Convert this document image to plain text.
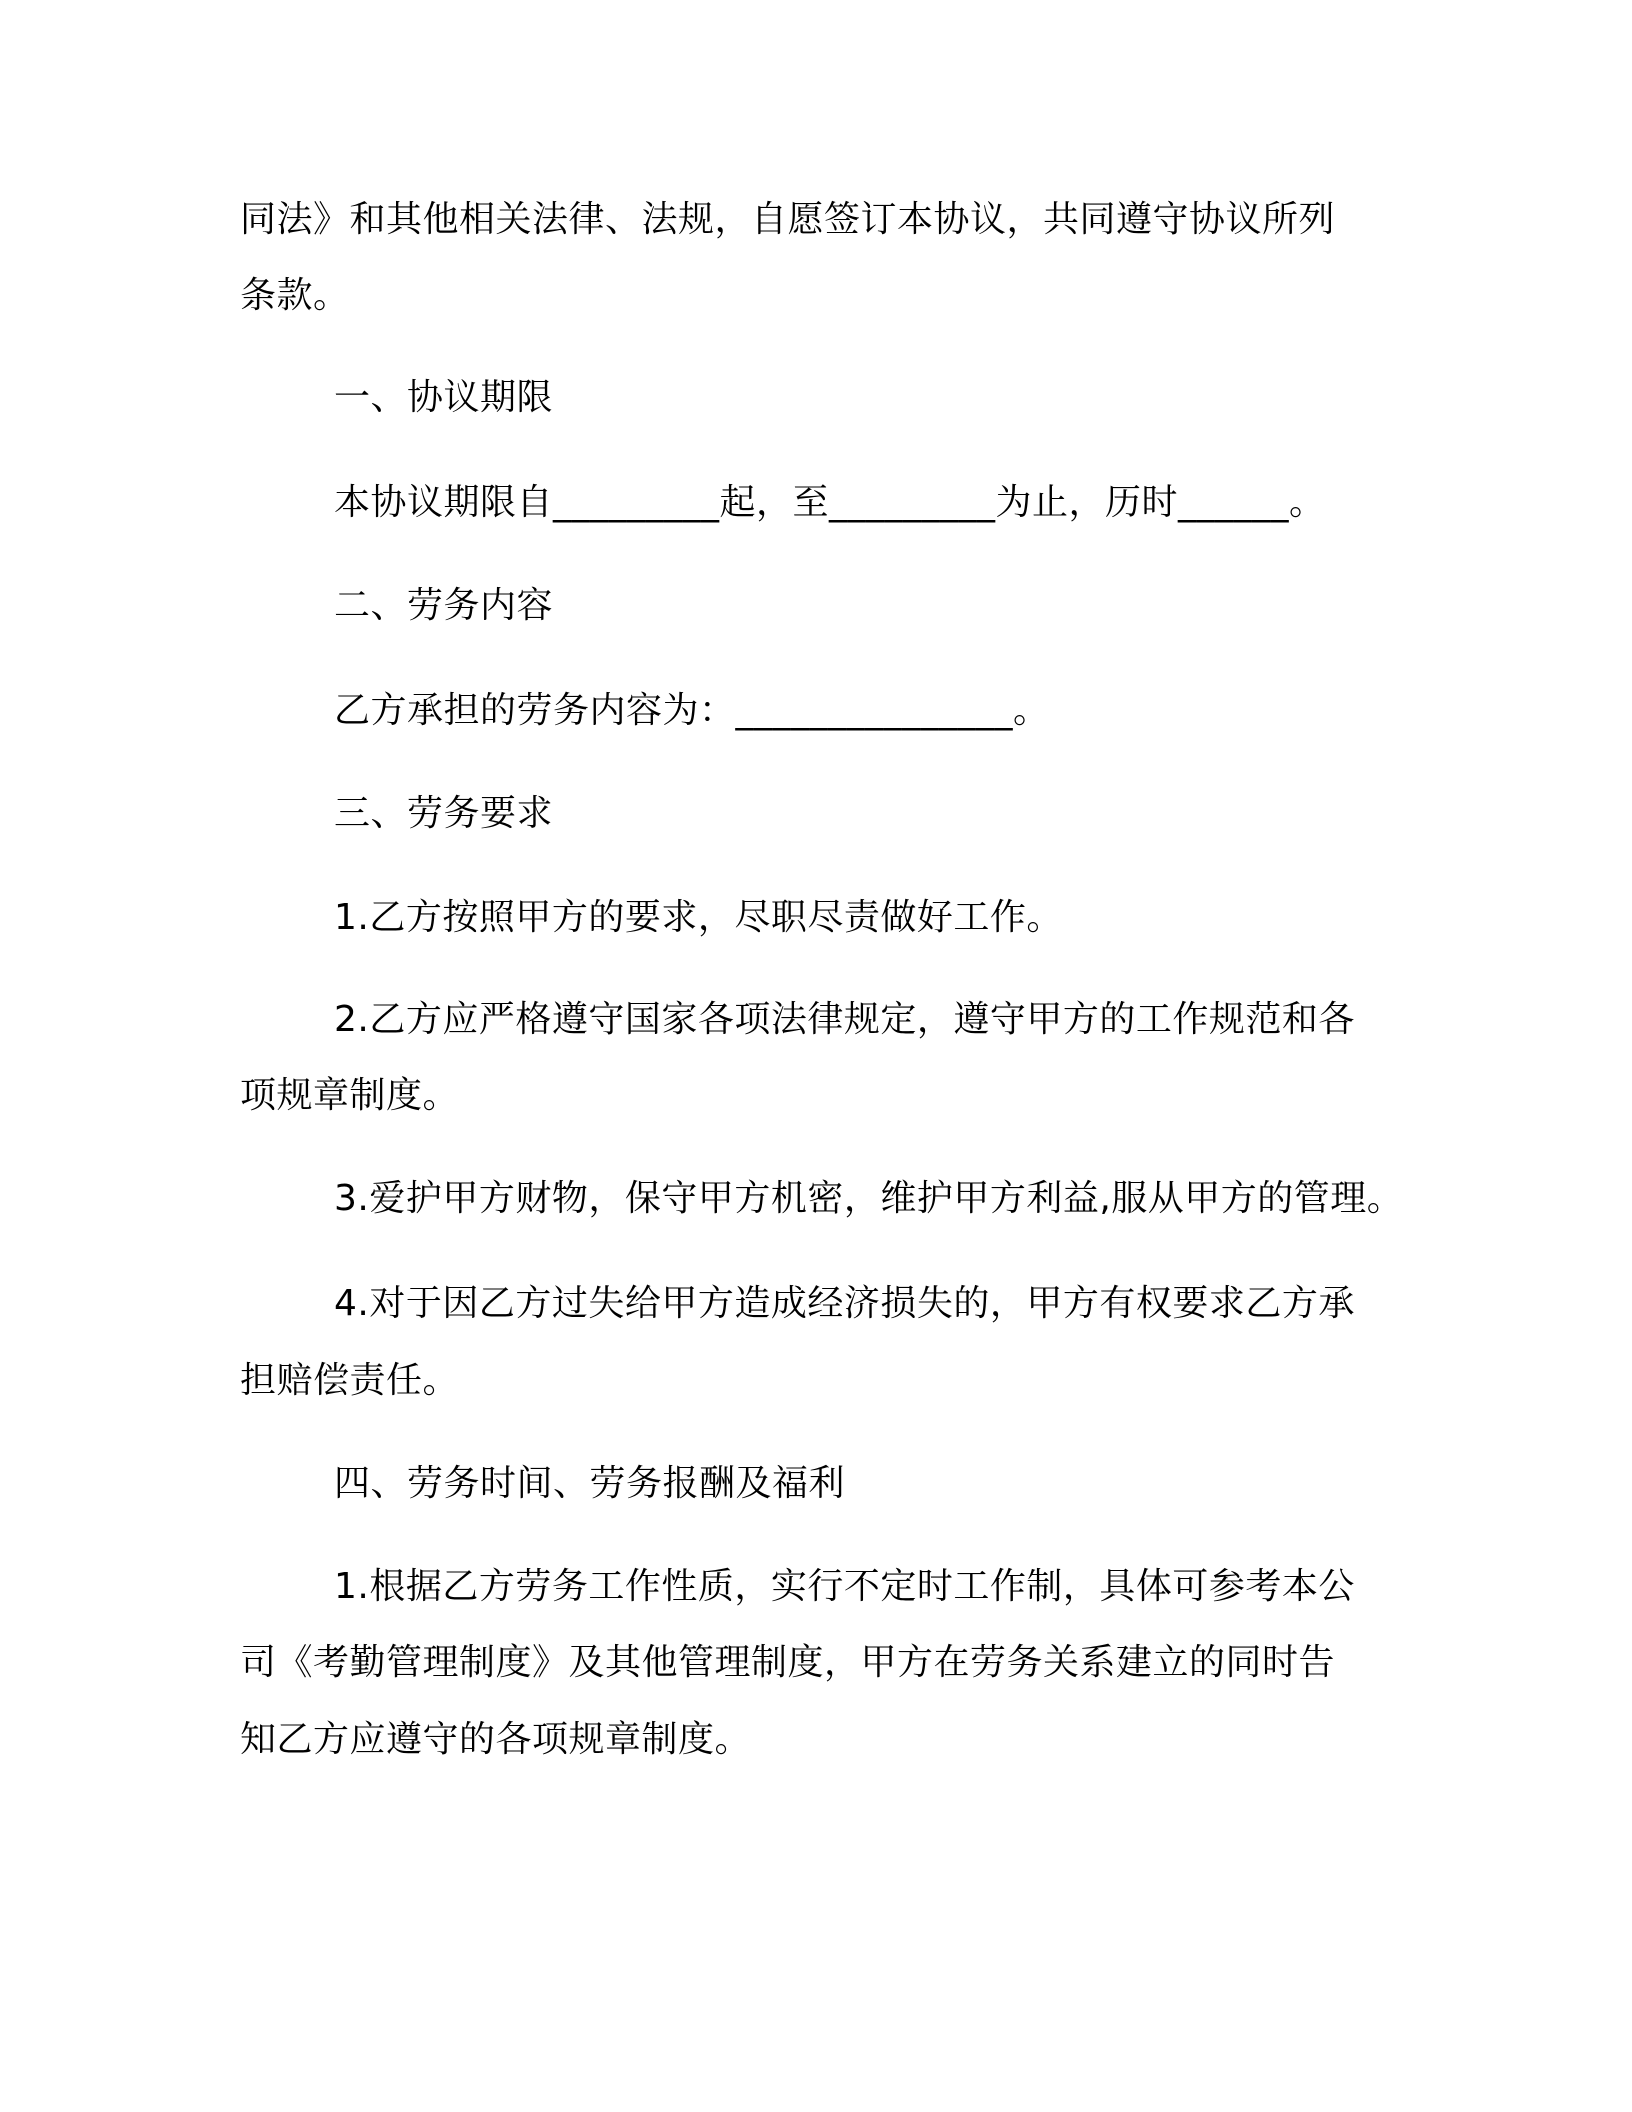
同法》和其他相关法律、法规，自愿签订本协议，共同遵守协议所列
条款。
一、协议期限
本协议期限自_________起，至_________为止，历时______。
二、劳务内容
乙方承担的劳务内容为：_______________。
三、劳务要求
1.乙方按照甲方的要求，尽职尽责做好工作。
2.乙方应严格遵守国家各项法律规定，遵守甲方的工作规范和各
项规章制度。
3.爱护甲方财物，保守甲方机密，维护甲方利益,服从甲方的管理。
4.对于因乙方过失给甲方造成经济损失的，甲方有权要求乙方承
担赔偿责任。
四、劳务时间、劳务报酬及福利
1.根据乙方劳务工作性质，实行不定时工作制，具体可参考本公
司《考勤管理制度》及其他管理制度，甲方在劳务关系建立的同时告
知乙方应遵守的各项规章制度。
